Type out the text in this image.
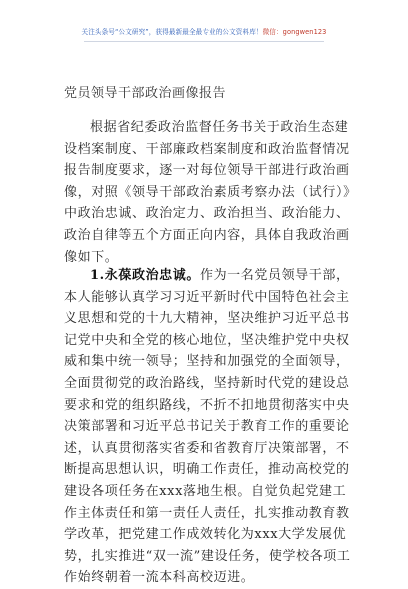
关注头条号“公文研究”，获得最新最全最专业的公文资料库！微信：gongwen123
党员领导干部政治画像报告
根据省纪委政治监督任务书关于政治生态建设档案制度、干部廉政档案制度和政治监督情况报告制度要求，逐一对每位领导干部进行政治画像，对照《领导干部政治素质考察办法（试行）》中政治忠诚、政治定力、政治担当、政治能力、政治自律等五个方面正向内容，具体自我政治画像如下。
1.永葆政治忠诚。作为一名党员领导干部，本人能够认真学习习近平新时代中国特色社会主义思想和党的十九大精神，坚决维护习近平总书记党中央和全党的核心地位，坚决维护党中央权威和集中统一领导；坚持和加强党的全面领导，全面贯彻党的政治路线，坚持新时代党的建设总要求和党的组织路线，不折不扣地贯彻落实中央决策部署和习近平总书记关于教育工作的重要论述，认真贯彻落实省委和省教育厅决策部署，不断提高思想认识，明确工作责任，推动高校党的建设各项任务在xxx落地生根。自觉负起党建工作主体责任和第一责任人责任，扎实推动教育教学改革，把党建工作成效转化为xxx大学发展优势，扎实推进“双一流”建设任务，使学校各项工作始终朝着一流本科高校迈进。
